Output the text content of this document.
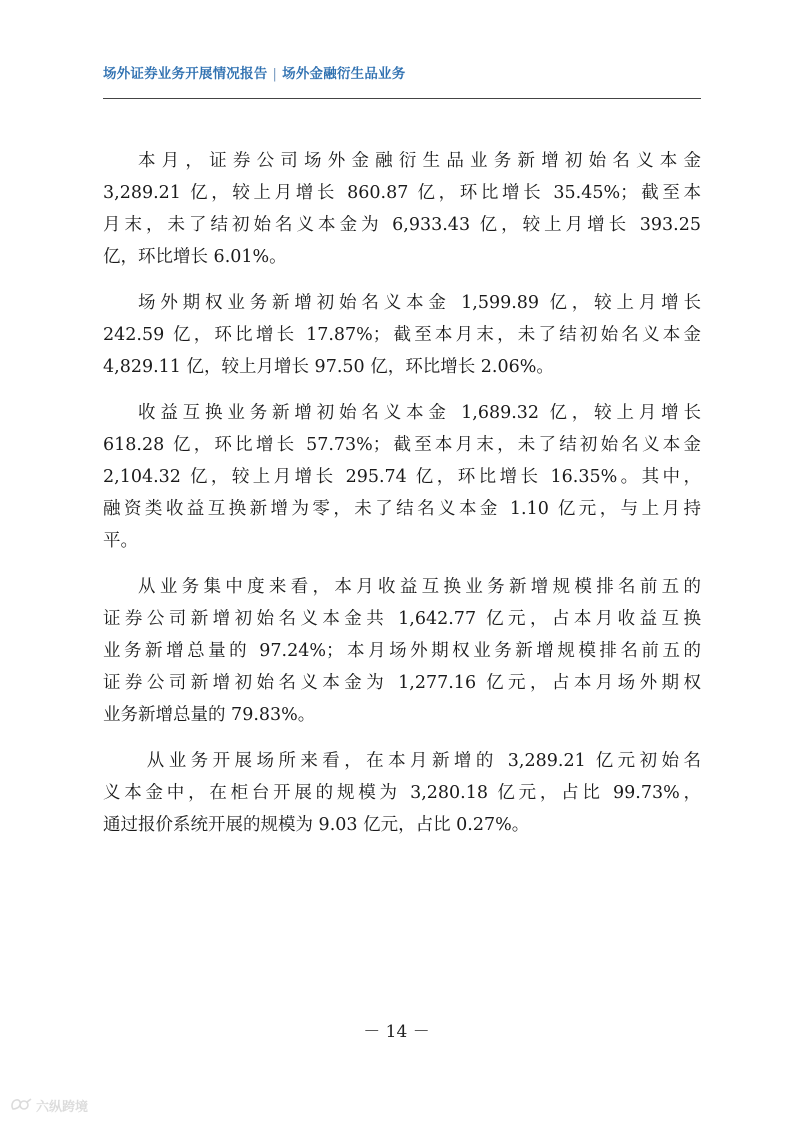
场外证券业务开展情况报告 | 场外金融衍生品业务

本月，证券公司场外金融衍生品业务新增初始名义本金
3,289.21 亿，较上月增长 860.87 亿，环比增长 35.45%；截至本
月末，未了结初始名义本金为 6,933.43 亿，较上月增长 393.25
亿，环比增长 6.01%。

场外期权业务新增初始名义本金 1,599.89 亿，较上月增长
242.59 亿，环比增长 17.87%；截至本月末，未了结初始名义本金
4,829.11 亿，较上月增长 97.50 亿，环比增长 2.06%。

收益互换业务新增初始名义本金 1,689.32 亿，较上月增长
618.28 亿，环比增长 57.73%；截至本月末，未了结初始名义本金
2,104.32 亿，较上月增长 295.74 亿，环比增长 16.35%。其中，
融资类收益互换新增为零，未了结名义本金 1.10 亿元，与上月持
平。

从业务集中度来看，本月收益互换业务新增规模排名前五的
证券公司新增初始名义本金共 1,642.77 亿元，占本月收益互换
业务新增总量的 97.24%；本月场外期权业务新增规模排名前五的
证券公司新增初始名义本金为 1,277.16 亿元，占本月场外期权
业务新增总量的 79.83%。

从业务开展场所来看，在本月新增的 3,289.21 亿元初始名
义本金中，在柜台开展的规模为 3,280.18 亿元，占比 99.73%，
通过报价系统开展的规模为 9.03 亿元，占比 0.27%。

－ 14 －
六纵跨境
